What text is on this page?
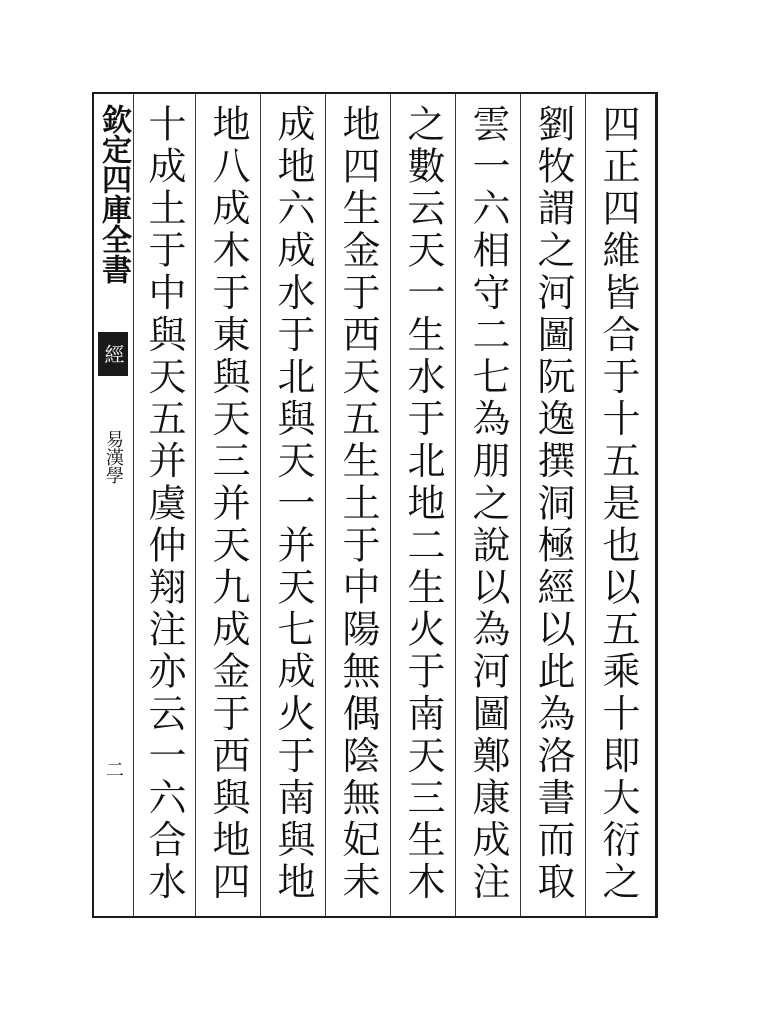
欽定四庫全書
經
易漢學
二
四正四維皆合于十五是也以五乘十即大衍之
劉牧謂之河圖阮逸撰洞極經以此為洛書而取
雲一六相守二七為朋之說以為河圖鄭康成注
之數云天一生水于北地二生火于南天三生木
地四生金于西天五生土于中陽無偶陰無妃未
成地六成水于北與天一并天七成火于南與地
地八成木于東與天三并天九成金于西與地四
十成土于中與天五并虞仲翔注亦云一六合水
